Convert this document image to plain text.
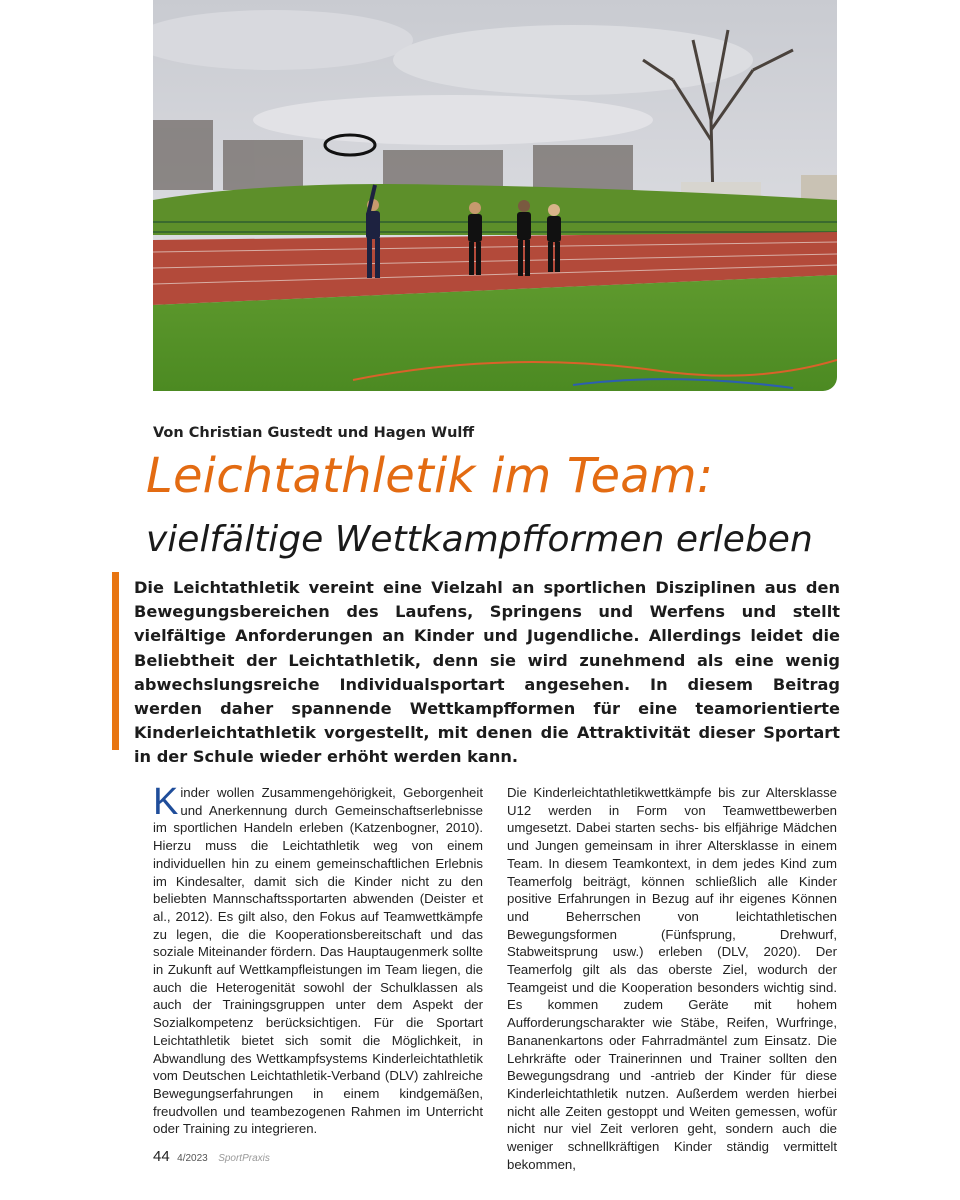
Von Christian Gustedt und Hagen Wulff
Leichtathletik im Team:
vielfältige Wettkampfformen erleben

Die Leichtathletik vereint eine Vielzahl an sportlichen Disziplinen aus den Bewegungsbereichen des Laufens, Springens und Werfens und stellt vielfältige Anforderungen an Kinder und Jugendliche. Allerdings leidet die Beliebtheit der Leichtathletik, denn sie wird zunehmend als eine wenig abwechslungsreiche Individualsportart angesehen. In diesem Beitrag werden daher spannende Wettkampfformen für eine teamorientierte Kinderleichtathletik vorgestellt, mit denen die Attraktivität dieser Sportart in der Schule wieder erhöht werden kann.

Kinder wollen Zusammengehörigkeit, Geborgenheit und Anerkennung durch Gemeinschaftserlebnisse im sportlichen Handeln erleben (Katzenbogner, 2010). Hierzu muss die Leichtathletik weg von einem individuellen hin zu einem gemeinschaftlichen Erlebnis im Kindesalter, damit sich die Kinder nicht zu den beliebten Mannschaftssportarten abwenden (Deister et al., 2012). Es gilt also, den Fokus auf Teamwettkämpfe zu legen, die die Kooperationsbereitschaft und das soziale Miteinander fördern. Das Hauptaugenmerk sollte in Zukunft auf Wettkampfleistungen im Team liegen, die auch die Heterogenität sowohl der Schulklassen als auch der Trainingsgruppen unter dem Aspekt der Sozialkompetenz berücksichtigen. Für die Sportart Leichtathletik bietet sich somit die Möglichkeit, in Abwandlung des Wettkampfsystems Kinderleichtathletik vom Deutschen Leichtathletik-Verband (DLV) zahlreiche Bewegungserfahrungen in einem kindgemäßen, freudvollen und teambezogenen Rahmen im Unterricht oder Training zu integrieren.

Die Kinderleichtathletikwettkämpfe bis zur Altersklasse U12 werden in Form von Teamwettbewerben umgesetzt. Dabei starten sechs- bis elfjährige Mädchen und Jungen gemeinsam in ihrer Altersklasse in einem Team. In diesem Teamkontext, in dem jedes Kind zum Teamerfolg beiträgt, können schließlich alle Kinder positive Erfahrungen in Bezug auf ihr eigenes Können und Beherrschen von leichtathletischen Bewegungsformen (Fünfsprung, Drehwurf, Stabweitsprung usw.) erleben (DLV, 2020). Der Teamerfolg gilt als das oberste Ziel, wodurch der Teamgeist und die Kooperation besonders wichtig sind. Es kommen zudem Geräte mit hohem Aufforderungscharakter wie Stäbe, Reifen, Wurfringe, Bananenkartons oder Fahrradmäntel zum Einsatz. Die Lehrkräfte oder Trainerinnen und Trainer sollten den Bewegungsdrang und -antrieb der Kinder für diese Kinderleichtathletik nutzen. Außerdem werden hierbei nicht alle Zeiten gestoppt und Weiten gemessen, wofür nicht nur viel Zeit verloren geht, sondern auch die weniger schnellkräftigen Kinder ständig vermittelt bekommen,

44 4/2023 SportPraxis
